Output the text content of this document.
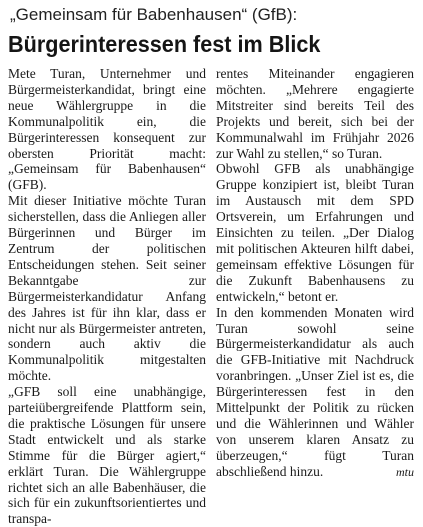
„Gemeinsam für Babenhausen“ (GfB):
Bürgerinteressen fest im Blick

Mete Turan, Unternehmer und Bürgermeisterkandidat, bringt eine neue Wählergruppe in die Kommunalpolitik ein, die Bürgerinteressen konsequent zur obersten Priorität macht: „Gemeinsam für Babenhausen“ (GFB).

Mit dieser Initiative möchte Turan sicherstellen, dass die Anliegen aller Bürgerinnen und Bürger im Zentrum der politischen Entscheidungen stehen. Seit seiner Bekanntgabe zur Bürgermeisterkandidatur Anfang des Jahres ist für ihn klar, dass er nicht nur als Bürgermeister antreten, sondern auch aktiv die Kommunalpolitik mitgestalten möchte.

„GFB soll eine unabhängige, parteiübergreifende Plattform sein, die praktische Lösungen für unsere Stadt entwickelt und als starke Stimme für die Bürger agiert,“ erklärt Turan. Die Wählergruppe richtet sich an alle Babenhäuser, die sich für ein zukunftsorientiertes und transpa-

rentes Miteinander engagieren möchten. „Mehrere engagierte Mitstreiter sind bereits Teil des Projekts und bereit, sich bei der Kommunalwahl im Frühjahr 2026 zur Wahl zu stellen,“ so Turan.

Obwohl GFB als unabhängige Gruppe konzipiert ist, bleibt Turan im Austausch mit dem SPD Ortsverein, um Erfahrungen und Einsichten zu teilen. „Der Dialog mit politischen Akteuren hilft dabei, gemeinsam effektive Lösungen für die Zukunft Babenhausens zu entwickeln,“ betont er.

In den kommenden Monaten wird Turan sowohl seine Bürgermeisterkandidatur als auch die GFB-Initiative mit Nachdruck voranbringen. „Unser Ziel ist es, die Bürgerinteressen fest in den Mittelpunkt der Politik zu rücken und die Wählerinnen und Wähler von unserem klaren Ansatz zu überzeugen,“ fügt Turan abschließend hinzu.	mtu
